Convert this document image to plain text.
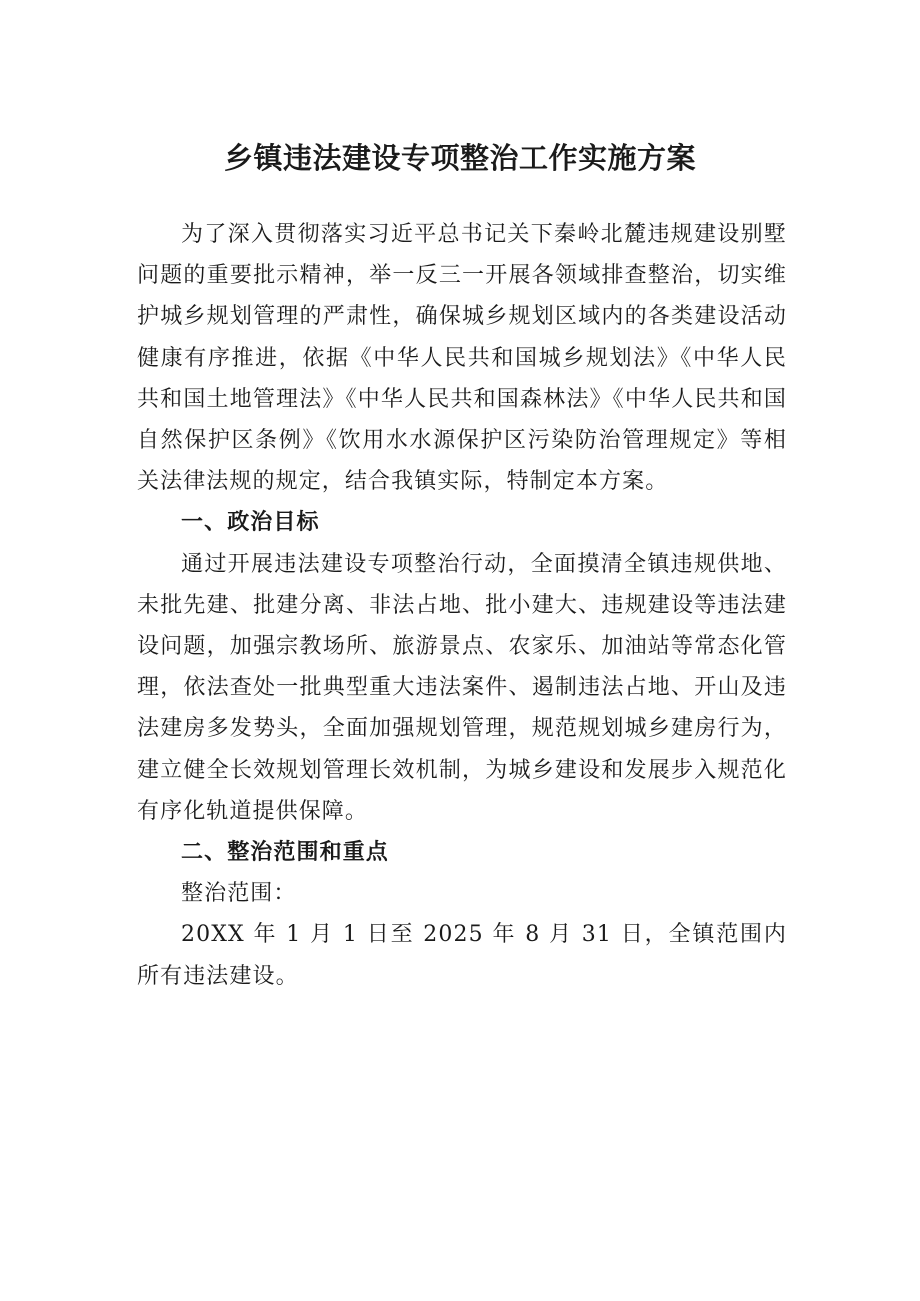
乡镇违法建设专项整治工作实施方案

为了深入贯彻落实习近平总书记关下秦岭北麓违规建设别墅问题的重要批示精神，举一反三一开展各领域排查整治，切实维护城乡规划管理的严肃性，确保城乡规划区域内的各类建设活动健康有序推进，依据《中华人民共和国城乡规划法》《中华人民共和国土地管理法》《中华人民共和国森林法》《中华人民共和国自然保护区条例》《饮用水水源保护区污染防治管理规定》等相关法律法规的规定，结合我镇实际，特制定本方案。

一、政治目标

通过开展违法建设专项整治行动，全面摸清全镇违规供地、未批先建、批建分离、非法占地、批小建大、违规建设等违法建设问题，加强宗教场所、旅游景点、农家乐、加油站等常态化管理，依法查处一批典型重大违法案件、遏制违法占地、开山及违法建房多发势头，全面加强规划管理，规范规划城乡建房行为，建立健全长效规划管理长效机制，为城乡建设和发展步入规范化有序化轨道提供保障。

二、整治范围和重点

整治范围：

20XX 年 1 月 1 日至 2025 年 8 月 31 日，全镇范围内所有违法建设。
